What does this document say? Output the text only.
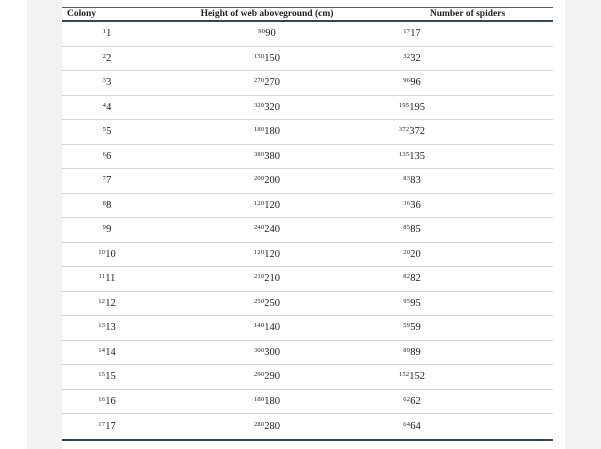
Colony	Height of web aboveground (cm)	Number of spiders
1 1	90 90	17 17
2 2	150 150	32 32
3 3	270 270	96 96
4 4	320 320	195 195
5 5	180 180	372 372
6 6	380 380	135 135
7 7	200 200	83 83
8 8	120 120	36 36
9 9	240 240	85 85
10 10	120 120	20 20
11 11	210 210	82 82
12 12	250 250	95 95
13 13	140 140	59 59
14 14	300 300	89 89
15 15	290 290	152 152
16 16	180 180	62 62
17 17	280 280	64 64
